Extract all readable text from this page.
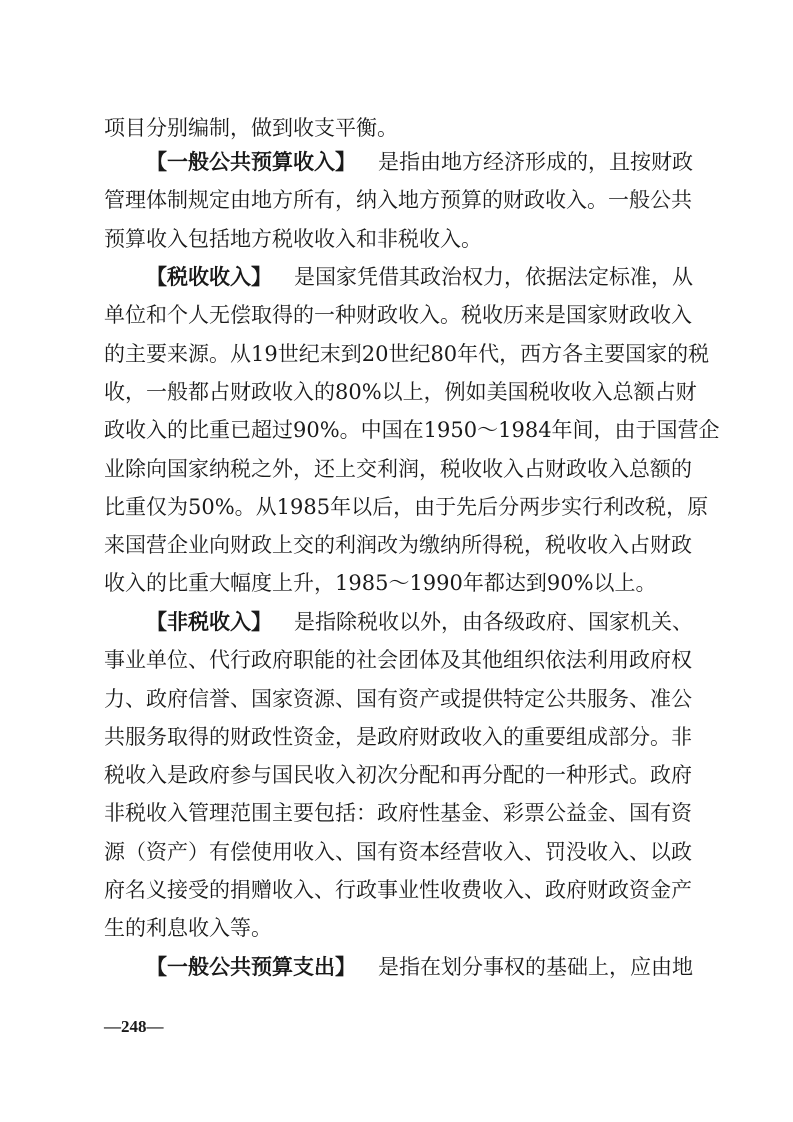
项目分别编制，做到收支平衡。
【一般公共预算收入】 是指由地方经济形成的，且按财政
管理体制规定由地方所有，纳入地方预算的财政收入。一般公共
预算收入包括地方税收收入和非税收入。
【税收收入】 是国家凭借其政治权力，依据法定标准，从
单位和个人无偿取得的一种财政收入。税收历来是国家财政收入
的主要来源。从19世纪末到20世纪80年代，西方各主要国家的税
收，一般都占财政收入的80%以上，例如美国税收收入总额占财
政收入的比重已超过90%。中国在1950～1984年间，由于国营企
业除向国家纳税之外，还上交利润，税收收入占财政收入总额的
比重仅为50%。从1985年以后，由于先后分两步实行利改税，原
来国营企业向财政上交的利润改为缴纳所得税，税收收入占财政
收入的比重大幅度上升，1985～1990年都达到90%以上。
【非税收入】 是指除税收以外，由各级政府、国家机关、
事业单位、代行政府职能的社会团体及其他组织依法利用政府权
力、政府信誉、国家资源、国有资产或提供特定公共服务、准公
共服务取得的财政性资金，是政府财政收入的重要组成部分。非
税收入是政府参与国民收入初次分配和再分配的一种形式。政府
非税收入管理范围主要包括：政府性基金、彩票公益金、国有资
源（资产）有偿使用收入、国有资本经营收入、罚没收入、以政
府名义接受的捐赠收入、行政事业性收费收入、政府财政资金产
生的利息收入等。
【一般公共预算支出】 是指在划分事权的基础上，应由地
—248—
